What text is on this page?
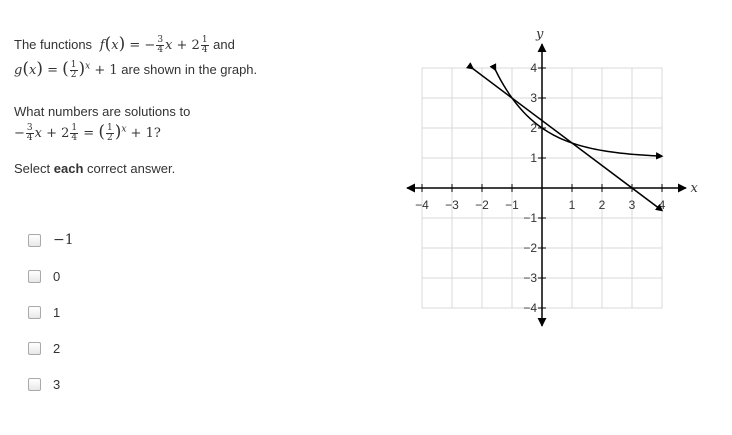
The functions  f(x) = − $\frac{3}{4}$ $x + 2 \frac{1}{4}$ and
g(x) = ( $\frac{1}{2} )^x + 1$ are shown in the graph.
What numbers are solutions to
− $\frac{3}{4}$ $x + 2 \frac{1}{4}$ = ( $\frac{1}{2} )^x + 1$?
Select each correct answer.
−1
0
1
2
3
−4 −3 −2 −1	1 2 3 4
4
3
2
1
−1
−2
−3
−4
x
y
